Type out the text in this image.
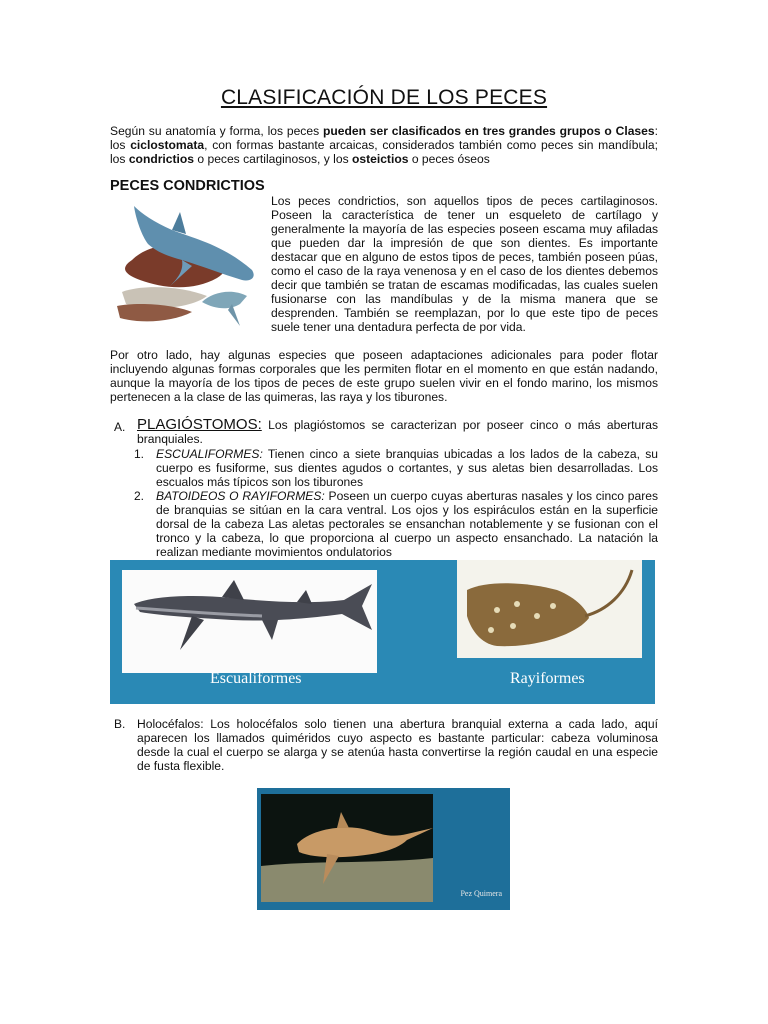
CLASIFICACIÓN DE LOS PECES
Según su anatomía y forma, los peces pueden ser clasificados en tres grandes grupos o Clases: los ciclostomata, con formas bastante arcaicas, considerados también como peces sin mandíbula; los condrictios o peces cartilaginosos, y los osteictios o peces óseos
PECES CONDRICTIOS
Los peces condrictios, son aquellos tipos de peces cartilaginosos. Poseen la característica de tener un esqueleto de cartílago y generalmente la mayoría de las especies poseen escama muy afiladas que pueden dar la impresión de que son dientes. Es importante destacar que en alguno de estos tipos de peces, también poseen púas, como el caso de la raya venenosa y en el caso de los dientes debemos decir que también se tratan de escamas modificadas, las cuales suelen fusionarse con las mandíbulas y de la misma manera que se desprenden. También se reemplazan, por lo que este tipo de peces suele tener una dentadura perfecta de por vida.
Por otro lado, hay algunas especies que poseen adaptaciones adicionales para poder flotar incluyendo algunas formas corporales que les permiten flotar en el momento en que están nadando, aunque la mayoría de los tipos de peces de este grupo suelen vivir en el fondo marino, los mismos pertenecen a la clase de las quimeras, las raya y los tiburones.
A. PLAGIÓSTOMOS: Los plagióstomos se caracterizan por poseer cinco o más aberturas branquiales.
1. ESCUALIFORMES: Tienen cinco a siete branquias ubicadas a los lados de la cabeza, su cuerpo es fusiforme, sus dientes agudos o cortantes, y sus aletas bien desarrolladas. Los escualos más típicos son los tiburones
2. BATOIDEOS O RAYIFORMES: Poseen un cuerpo cuyas aberturas nasales y los cinco pares de branquias se sitúan en la cara ventral. Los ojos y los espiráculos están en la superficie dorsal de la cabeza Las aletas pectorales se ensanchan notablemente y se fusionan con el tronco y la cabeza, lo que proporciona al cuerpo un aspecto ensanchado. La natación la realizan mediante movimientos ondulatorios
Escualiformes	Rayiformes
B. Holocéfalos: Los holocéfalos solo tienen una abertura branquial externa a cada lado, aquí aparecen los llamados quiméridos cuyo aspecto es bastante particular: cabeza voluminosa desde la cual el cuerpo se alarga y se atenúa hasta convertirse la región caudal en una especie de fusta flexible.
Pez Quimera
